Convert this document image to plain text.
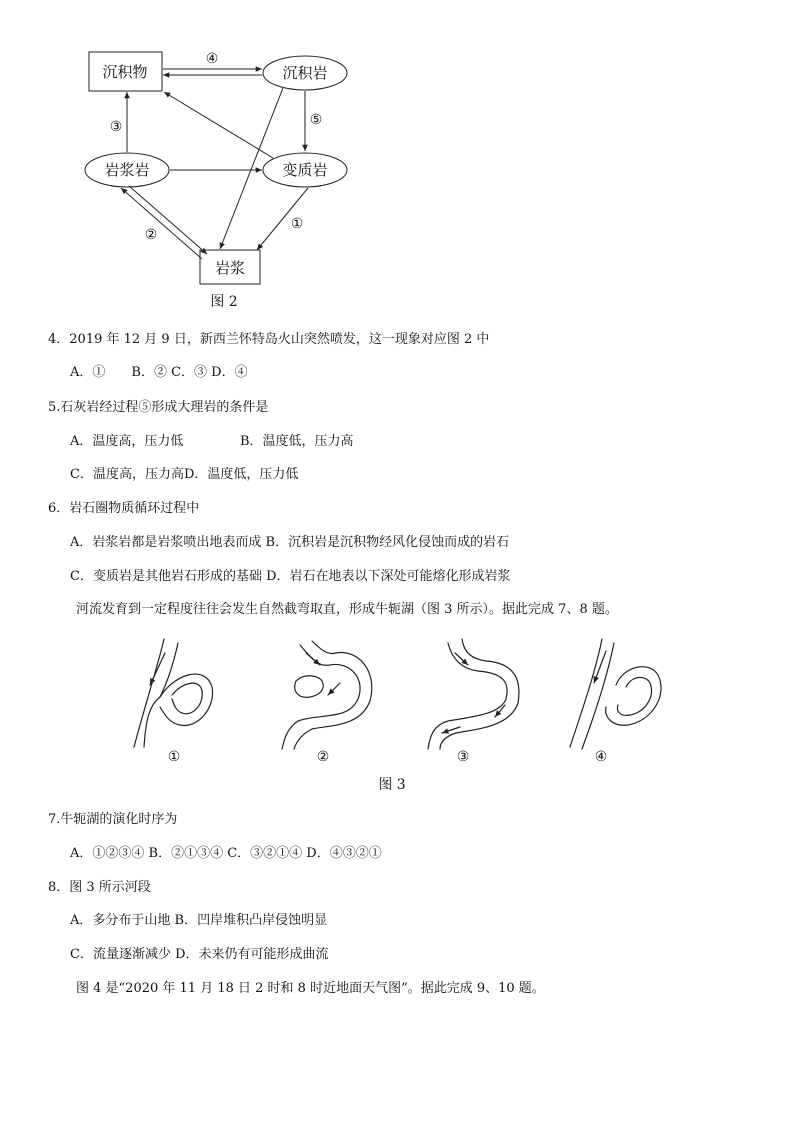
沉积物	沉积岩
岩浆岩	变质岩
岩浆
④
⑤
③
①
②
图 2
4．2019 年 12 月 9 日，新西兰怀特岛火山突然喷发，这一现象对应图 2 中
A．①　　B．② C．③ D．④
5.石灰岩经过程⑤形成大理岩的条件是
A．温度高，压力低	B．温度低，压力高
C．温度高，压力高D．温度低，压力低
6．岩石圈物质循环过程中
A．岩浆岩都是岩浆喷出地表而成 B．沉积岩是沉积物经风化侵蚀而成的岩石
C．变质岩是其他岩石形成的基础 D．岩石在地表以下深处可能熔化形成岩浆
河流发育到一定程度往往会发生自然截弯取直，形成牛轭湖（图 3 所示）。据此完成 7、8 题。
①	②	③	④
图 3
7.牛轭湖的演化时序为
A．①②③④ B．②①③④ C．③②①④ D．④③②①
8．图 3 所示河段
A．多分布于山地 B．凹岸堆积凸岸侵蚀明显
C．流量逐渐减少 D．未来仍有可能形成曲流
图 4 是“2020 年 11 月 18 日 2 时和 8 时近地面天气图”。据此完成 9、10 题。
